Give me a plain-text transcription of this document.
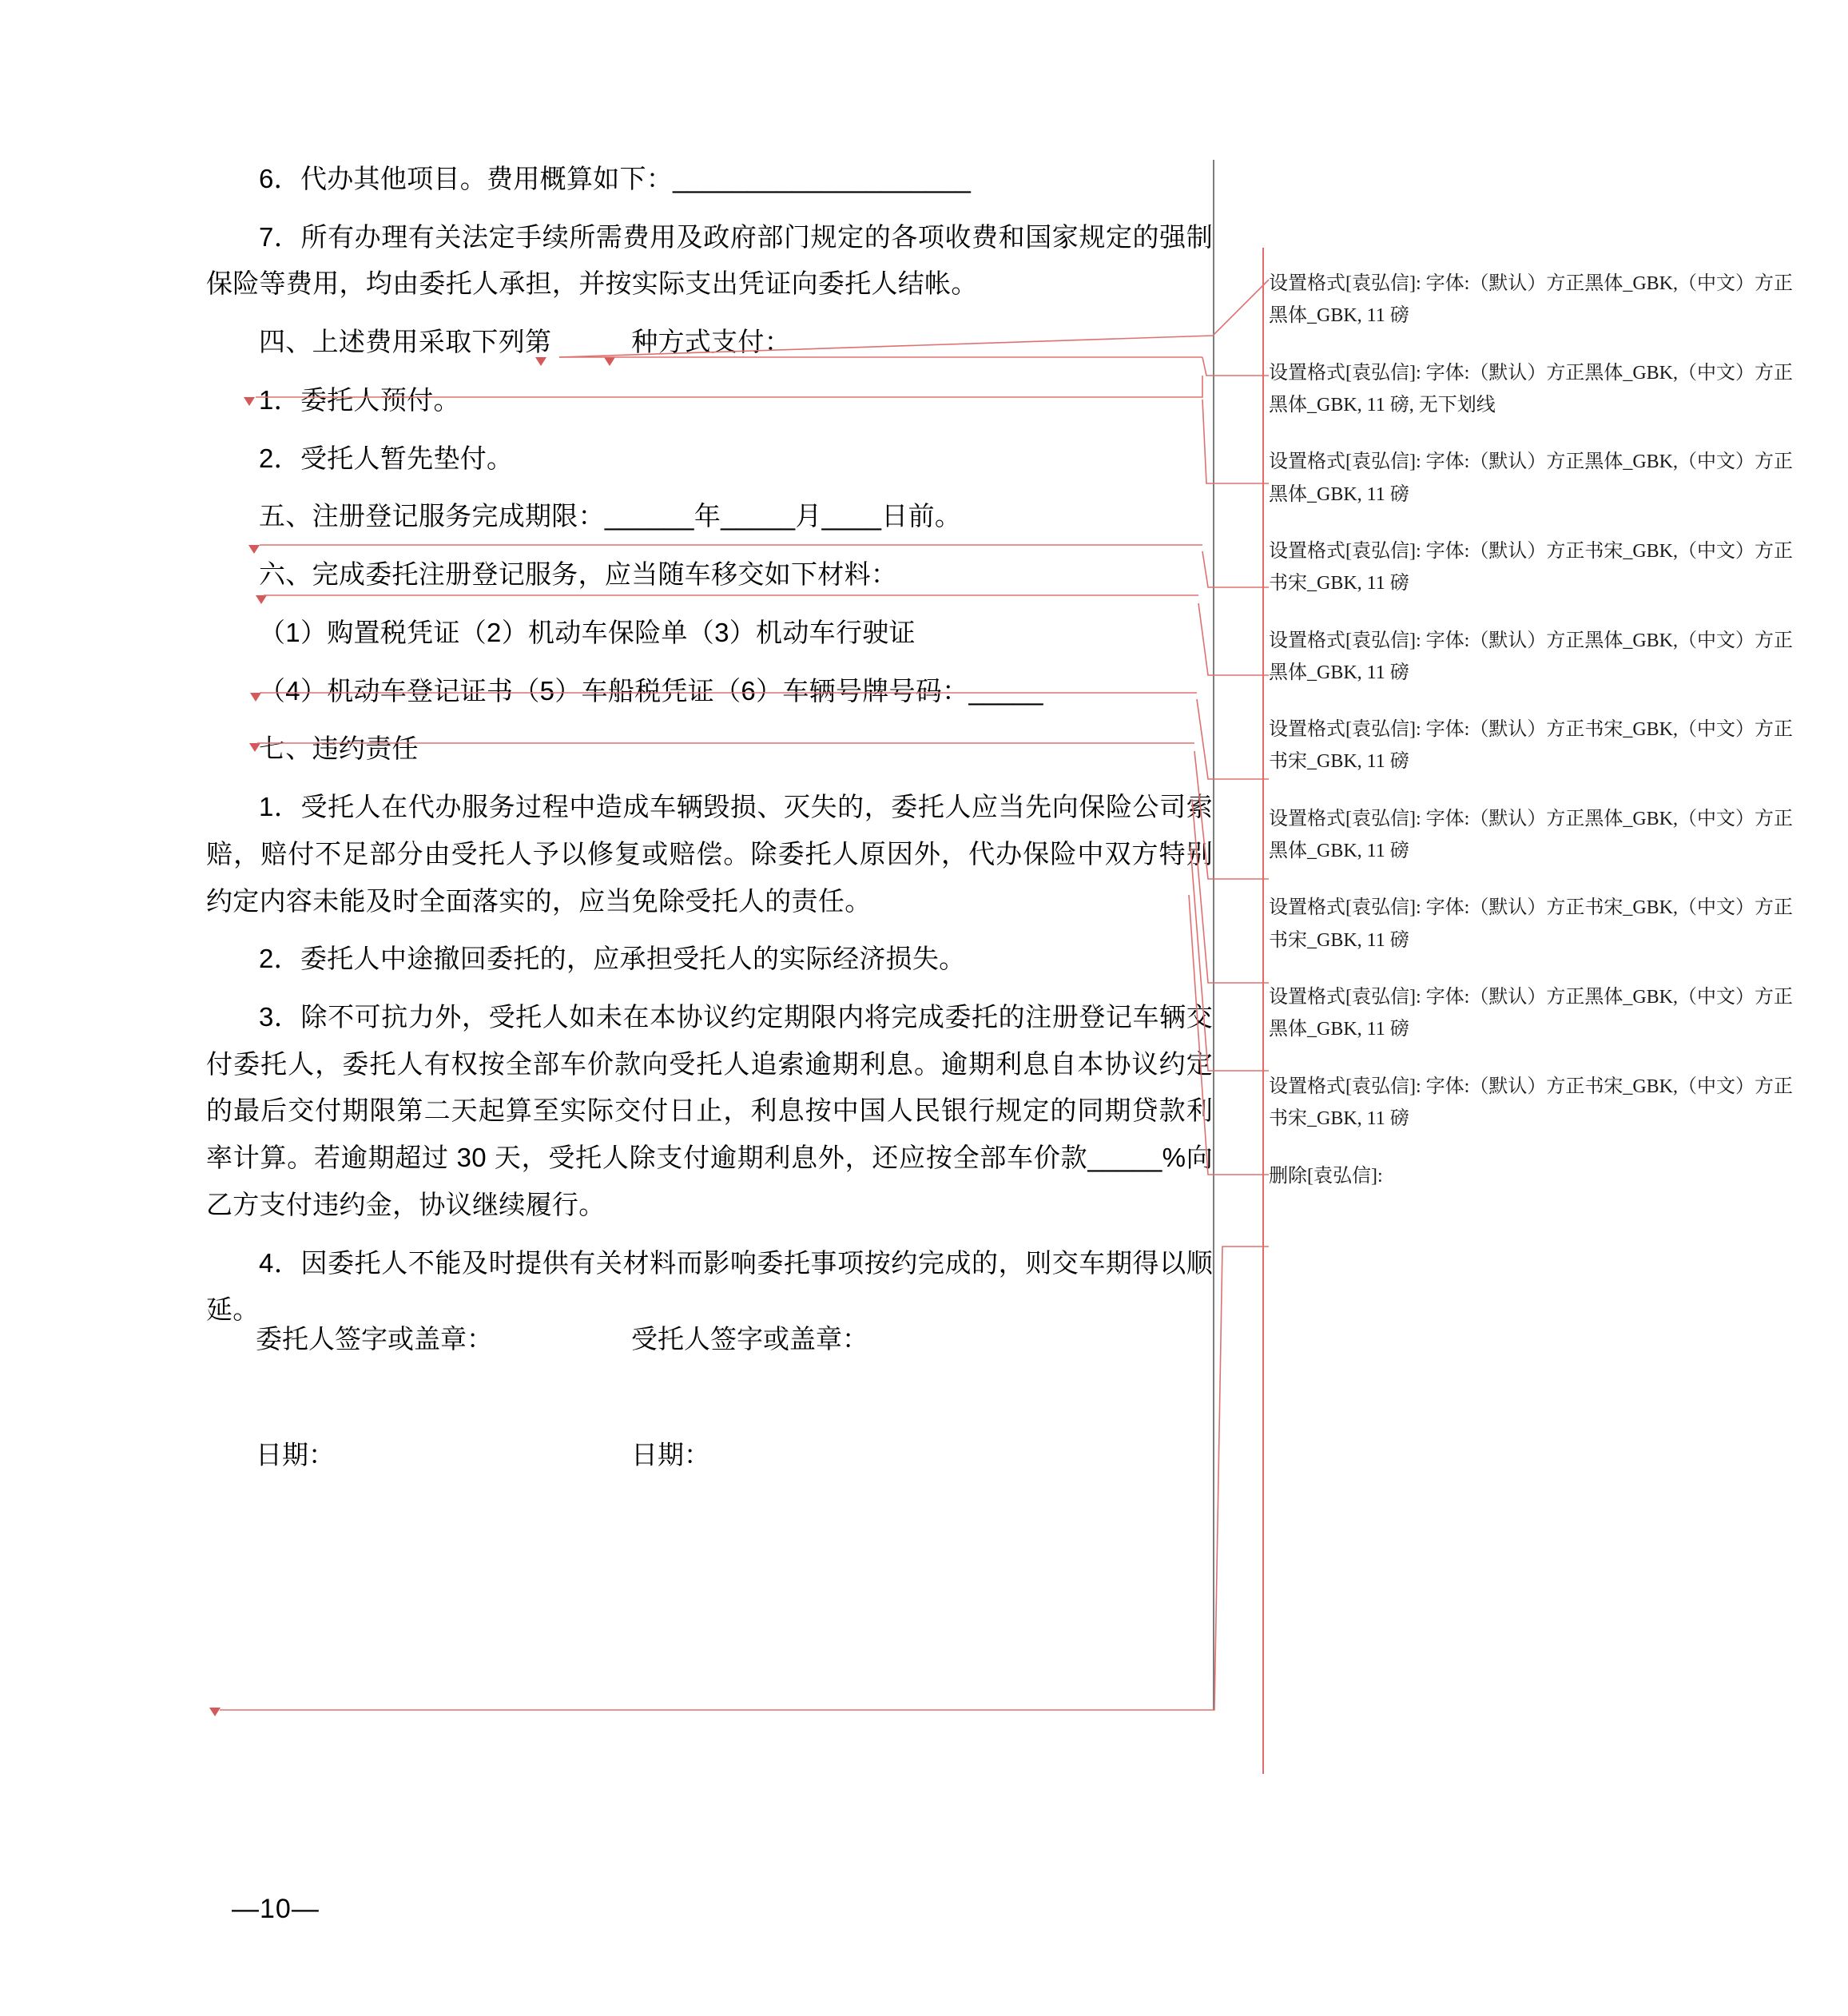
6．代办其他项目。费用概算如下：____________________

7．所有办理有关法定手续所需费用及政府部门规定的各项收费和国家规定的强制保险等费用，均由委托人承担，并按实际支出凭证向委托人结帐。

四、上述费用采取下列第　　　种方式支付：

1．委托人预付。

2．受托人暂先垫付。

五、注册登记服务完成期限：______年_____月____日前。

六、完成委托注册登记服务，应当随车移交如下材料：

（1）购置税凭证（2）机动车保险单（3）机动车行驶证

（4）机动车登记证书（5）车船税凭证（6）车辆号牌号码：_____

七、违约责任

1．受托人在代办服务过程中造成车辆毁损、灭失的，委托人应当先向保险公司索赔，赔付不足部分由受托人予以修复或赔偿。除委托人原因外，代办保险中双方特别约定内容未能及时全面落实的，应当免除受托人的责任。

2．委托人中途撤回委托的，应承担受托人的实际经济损失。

3．除不可抗力外，受托人如未在本协议约定期限内将完成委托的注册登记车辆交付委托人，委托人有权按全部车价款向受托人追索逾期利息。逾期利息自本协议约定的最后交付期限第二天起算至实际交付日止，利息按中国人民银行规定的同期贷款利率计算。若逾期超过 30 天，受托人除支付逾期利息外，还应按全部车价款_____%向乙方支付违约金，协议继续履行。

4．因委托人不能及时提供有关材料而影响委托事项按约完成的，则交车期得以顺延。

委托人签字或盖章：	受托人签字或盖章：
日期：	日期：
—10—
设置格式[袁弘信]: 字体:（默认）方正黑体_GBK,（中文）方正黑体_GBK, 11 磅
设置格式[袁弘信]: 字体:（默认）方正黑体_GBK,（中文）方正黑体_GBK, 11 磅, 无下划线
设置格式[袁弘信]: 字体:（默认）方正黑体_GBK,（中文）方正黑体_GBK, 11 磅
设置格式[袁弘信]: 字体:（默认）方正书宋_GBK,（中文）方正书宋_GBK, 11 磅
设置格式[袁弘信]: 字体:（默认）方正黑体_GBK,（中文）方正黑体_GBK, 11 磅
设置格式[袁弘信]: 字体:（默认）方正书宋_GBK,（中文）方正书宋_GBK, 11 磅
设置格式[袁弘信]: 字体:（默认）方正黑体_GBK,（中文）方正黑体_GBK, 11 磅
设置格式[袁弘信]: 字体:（默认）方正书宋_GBK,（中文）方正书宋_GBK, 11 磅
设置格式[袁弘信]: 字体:（默认）方正黑体_GBK,（中文）方正黑体_GBK, 11 磅
设置格式[袁弘信]: 字体:（默认）方正书宋_GBK,（中文）方正书宋_GBK, 11 磅
删除[袁弘信]:
